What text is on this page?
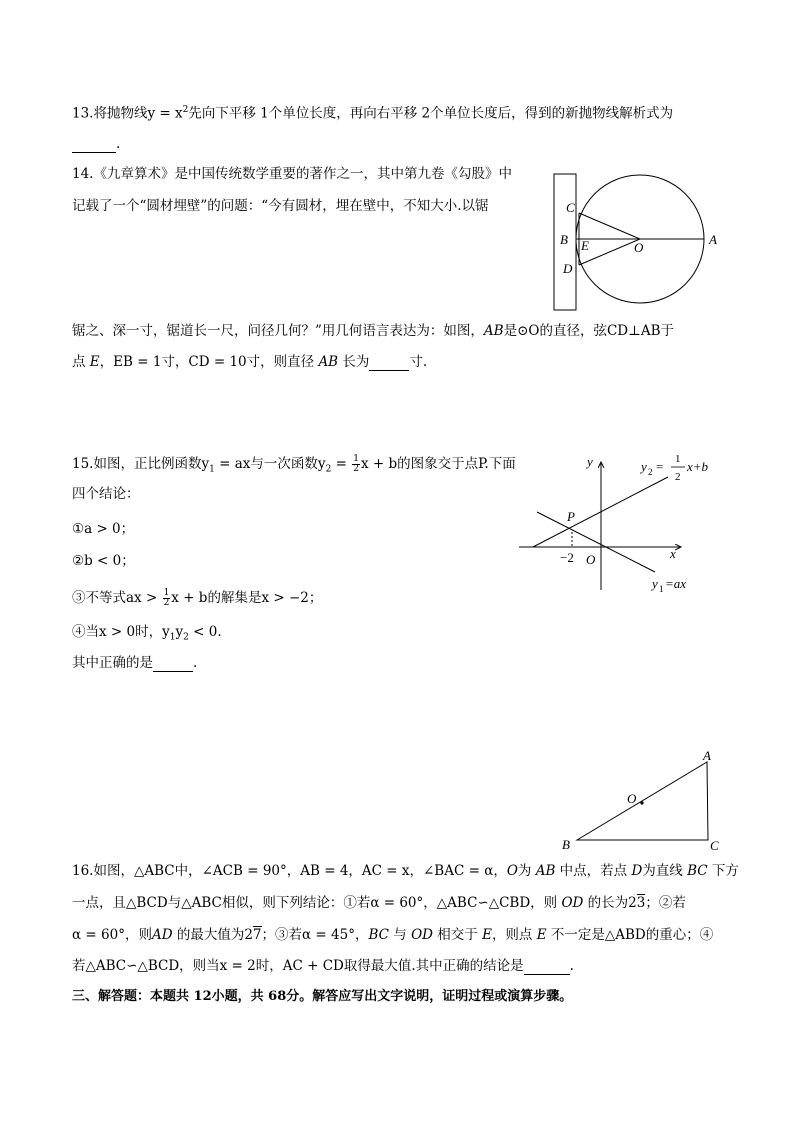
13.将抛物线$y = x^2$先向下平移 1个单位长度，再向右平移 2个单位长度后，得到的新抛物线解析式为
.
14.《九章算术》是中国传统数学重要的著作之一，其中第九卷《勾股》中
记载了一个“圆材埋壁”的问题：“今有圆材，埋在壁中，不知大小.以锯
锯之、深一寸，锯道长一尺，问径几何？”用几何语言表达为：如图，AB是⊙O的直径，弦CD⊥AB于
点 E，EB = 1寸，CD = 10寸，则直径 AB 长为	寸.
C
B E
D
O
A
15.如图，正比例函数$y_1$ = ax与一次函数$y_2 = \frac{1}{2}$ x + b的图象交于点P.下面
四个结论：
①a > 0；
②b < 0；
③不等式ax > $\frac{1}{2}$ x + b的解集是x > −2；
④当x > 0时，$y_1y_2 < 0$.
其中正确的是	.
y
x
O
P
−2
y 2 = 1
2
x+b
y 1 =ax
A
B	C
O
16.如图，△ABC中，∠ACB = 90°，AB = 4，AC = x，∠BAC = α，O为 AB 中点，若点 D为直线 BC 下方
一点，且△BCD与△ABC相似，则下列结论：①若α = 60°，△ABC∽△CBD，则 OD 的长为23；②若
α = 60°，则AD 的最大值为27；③若α = 45°，BC 与 OD 相交于 E，则点 E 不一定是△ABD的重心；④
若△ABC∽△BCD，则当x = 2时，AC + CD取得最大值.其中正确的结论是	.
三、解答题：本题共 12小题，共 68分。解答应写出文字说明，证明过程或演算步骤。
